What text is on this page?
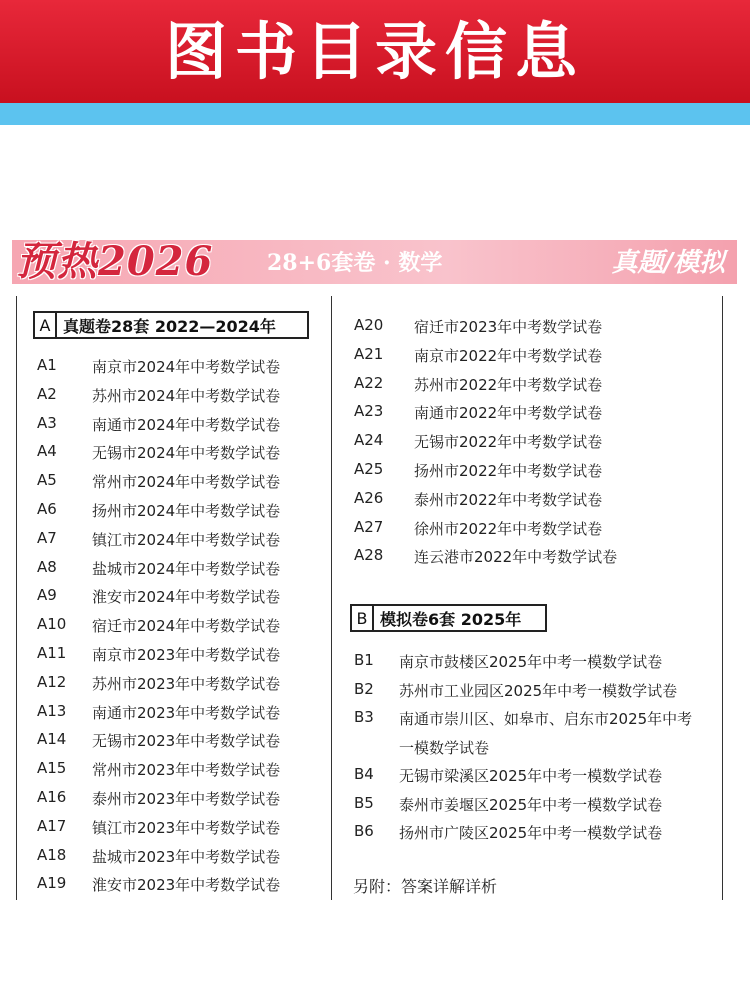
图书目录信息
预热2026 28+6套卷 · 数学	真题/模拟
A 真题卷28套 2022—2024年
A1 南京市2024年中考数学试卷
A2 苏州市2024年中考数学试卷
A3 南通市2024年中考数学试卷
A4 无锡市2024年中考数学试卷
A5 常州市2024年中考数学试卷
A6 扬州市2024年中考数学试卷
A7 镇江市2024年中考数学试卷
A8 盐城市2024年中考数学试卷
A9 淮安市2024年中考数学试卷
A10 宿迁市2024年中考数学试卷
A11 南京市2023年中考数学试卷
A12 苏州市2023年中考数学试卷
A13 南通市2023年中考数学试卷
A14 无锡市2023年中考数学试卷
A15 常州市2023年中考数学试卷
A16 泰州市2023年中考数学试卷
A17 镇江市2023年中考数学试卷
A18 盐城市2023年中考数学试卷
A19 淮安市2023年中考数学试卷
A20 宿迁市2023年中考数学试卷
A21 南京市2022年中考数学试卷
A22 苏州市2022年中考数学试卷
A23 南通市2022年中考数学试卷
A24 无锡市2022年中考数学试卷
A25 扬州市2022年中考数学试卷
A26 泰州市2022年中考数学试卷
A27 徐州市2022年中考数学试卷
A28 连云港市2022年中考数学试卷
B 模拟卷6套 2025年
B1 南京市鼓楼区2025年中考一模数学试卷
B2 苏州市工业园区2025年中考一模数学试卷
B3 南通市崇川区、如皋市、启东市2025年中考
一模数学试卷
B4 无锡市梁溪区2025年中考一模数学试卷
B5 泰州市姜堰区2025年中考一模数学试卷
B6 扬州市广陵区2025年中考一模数学试卷
另附：答案详解详析
